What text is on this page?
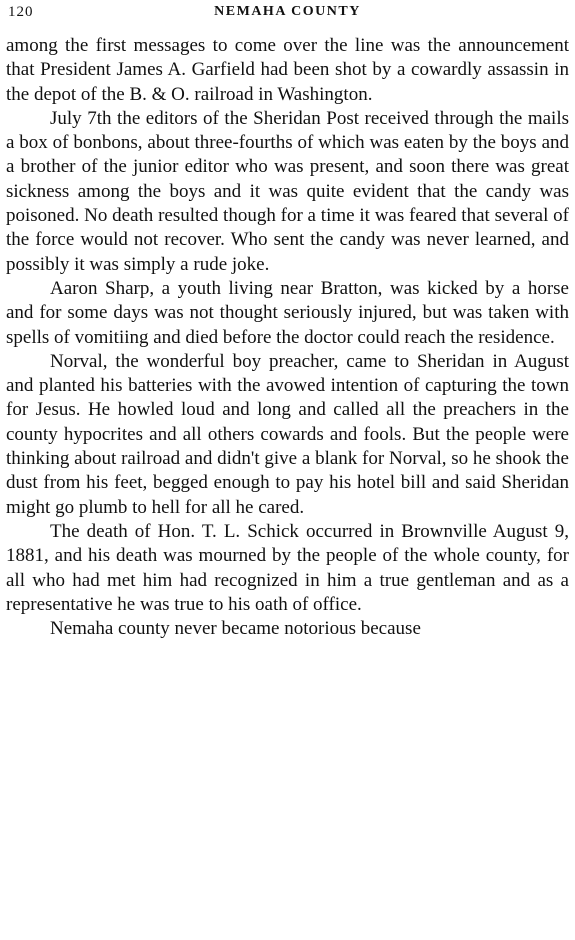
120	NEMAHA COUNTY

among the first messages to come over the line was the announcement that President James A. Garfield had been shot by a cowardly assassin in the depot of the B. & O. railroad in Washington.

July 7th the editors of the Sheridan Post received through the mails a box of bonbons, about three-fourths of which was eaten by the boys and a brother of the junior editor who was present, and soon there was great sickness among the boys and it was quite evident that the candy was poisoned. No death resulted though for a time it was feared that several of the force would not recover. Who sent the candy was never learned, and possibly it was simply a rude joke.

Aaron Sharp, a youth living near Bratton, was kicked by a horse and for some days was not thought seriously injured, but was taken with spells of vomitiing and died before the doctor could reach the residence.

Norval, the wonderful boy preacher, came to Sheridan in August and planted his batteries with the avowed intention of capturing the town for Jesus. He howled loud and long and called all the preachers in the county hypocrites and all others cowards and fools. But the people were thinking about railroad and didn't give a blank for Norval, so he shook the dust from his feet, begged enough to pay his hotel bill and said Sheridan might go plumb to hell for all he cared.

The death of Hon. T. L. Schick occurred in Brownville August 9, 1881, and his death was mourned by the people of the whole county, for all who had met him had recognized in him a true gentleman and as a representative he was true to his oath of office.

Nemaha county never became notorious because
